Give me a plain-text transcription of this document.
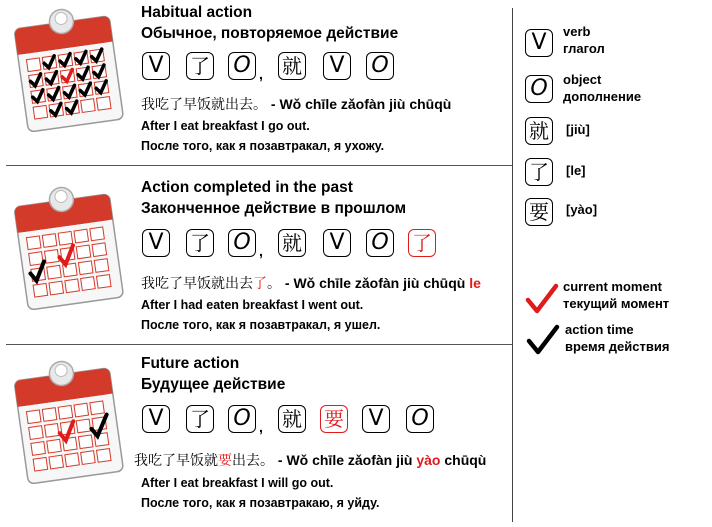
Habitual action
Обычное, повторяемое действие
V	了 O , 就 V O
我吃了早饭就出去。 - Wǒ chīle zǎofàn jiù chūqù
After I eat breakfast I go out.
После того, как я позавтракал, я ухожу.
Action completed in the past
Законченное действие в прошлом
V	了 O , 就 V O 了
我吃了早饭就出去了。 - Wǒ chīle zǎofàn jiù chūqù le
After I had eaten breakfast I went out.
После того, как я позавтракал, я ушел.
Future action
Будущее действие
V	了 O , 就 要 V O
我吃了早饭就要出去。 - Wǒ chīle zǎofàn jiù yào chūqù
After I eat breakfast I will go out.
После того, как я позавтракаю, я уйду.
V	verb
глагол
O	object
дополнение
就	[jiù]
了	[le]
要	[yào]
current moment
текущий момент
action time
время действия
